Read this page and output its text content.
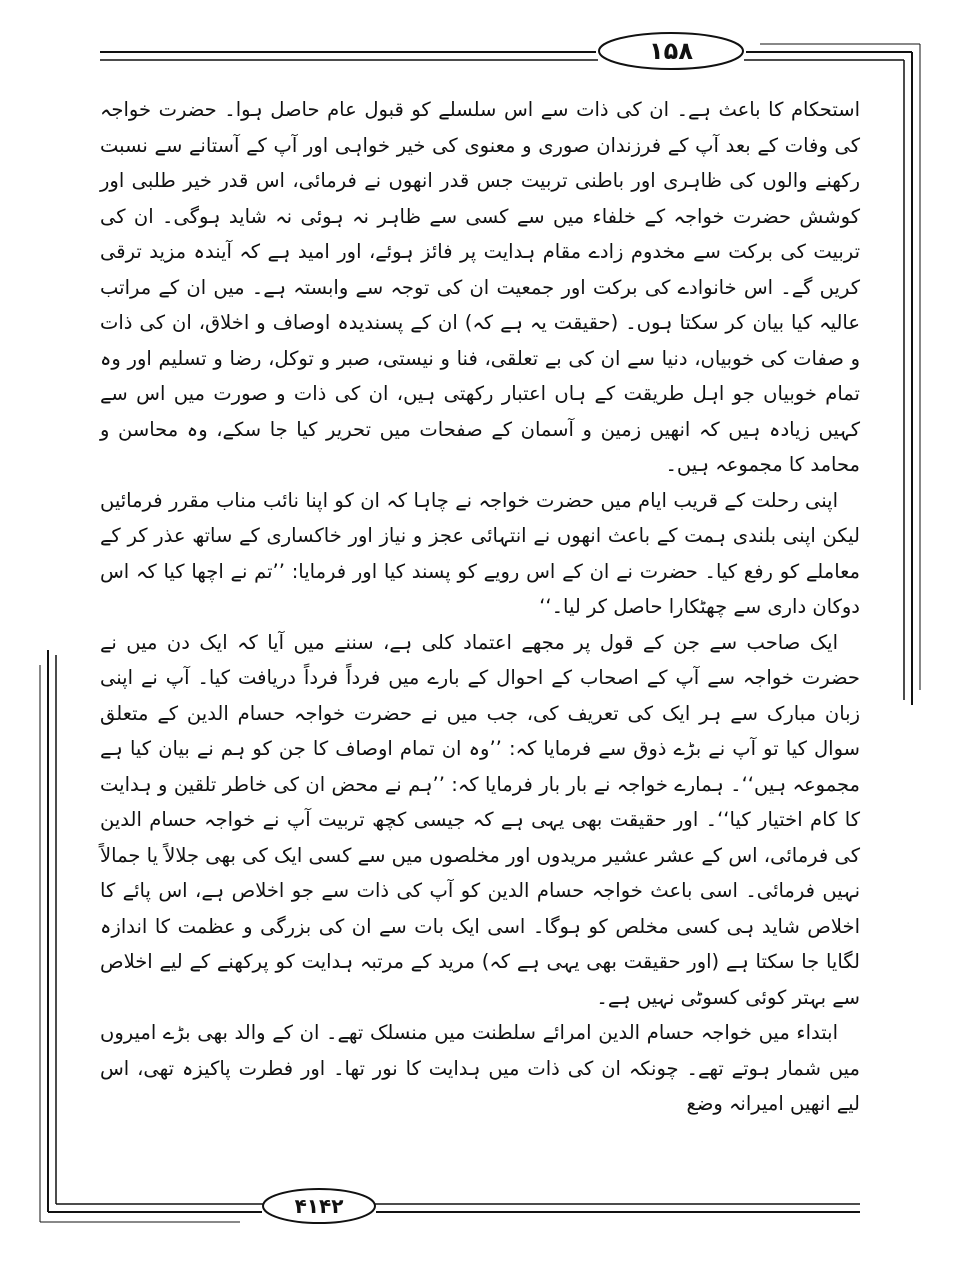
۱۵۸
۴۱۴۲

استحکام کا باعث ہے۔ ان کی ذات سے اس سلسلے کو قبول عام حاصل ہوا۔ حضرت خواجہ کی وفات کے بعد آپ کے فرزندان صوری و معنوی کی خیر خواہی اور آپ کے آستانے سے نسبت رکھنے والوں کی ظاہری اور باطنی تربیت جس قدر انھوں نے فرمائی، اس قدر خیر طلبی اور کوشش حضرت خواجہ کے خلفاء میں سے کسی سے ظاہر نہ ہوئی نہ شاید ہوگی۔ ان کی تربیت کی برکت سے مخدوم زادے مقام ہدایت پر فائز ہوئے، اور امید ہے کہ آیندہ مزید ترقی کریں گے۔ اس خانوادے کی برکت اور جمعیت ان کی توجہ سے وابستہ ہے۔ میں ان کے مراتب عالیہ کیا بیان کر سکتا ہوں۔ (حقیقت یہ ہے کہ) ان کے پسندیدہ اوصاف و اخلاق، ان کی ذات و صفات کی خوبیاں، دنیا سے ان کی بے تعلقی، فنا و نیستی، صبر و توکل، رضا و تسلیم اور وہ تمام خوبیاں جو اہل طریقت کے ہاں اعتبار رکھتی ہیں، ان کی ذات و صورت میں اس سے کہیں زیادہ ہیں کہ انھیں زمین و آسمان کے صفحات میں تحریر کیا جا سکے، وہ محاسن و محامد کا مجموعہ ہیں۔

اپنی رحلت کے قریب ایام میں حضرت خواجہ نے چاہا کہ ان کو اپنا نائب مناب مقرر فرمائیں لیکن اپنی بلندی ہمت کے باعث انھوں نے انتہائی عجز و نیاز اور خاکساری کے ساتھ عذر کر کے معاملے کو رفع کیا۔ حضرت نے ان کے اس رویے کو پسند کیا اور فرمایا: ’’تم نے اچھا کیا کہ اس دوکان داری سے چھٹکارا حاصل کر لیا۔‘‘

ایک صاحب سے جن کے قول پر مجھے اعتماد کلی ہے، سننے میں آیا کہ ایک دن میں نے حضرت خواجہ سے آپ کے اصحاب کے احوال کے بارے میں فرداً فرداً دریافت کیا۔ آپ نے اپنی زبان مبارک سے ہر ایک کی تعریف کی، جب میں نے حضرت خواجہ حسام الدین کے متعلق سوال کیا تو آپ نے بڑے ذوق سے فرمایا کہ: ’’وہ ان تمام اوصاف کا جن کو ہم نے بیان کیا ہے مجموعہ ہیں‘‘۔ ہمارے خواجہ نے بار بار فرمایا کہ: ’’ہم نے محض ان کی خاطر تلقین و ہدایت کا کام اختیار کیا‘‘۔ اور حقیقت بھی یہی ہے کہ جیسی کچھ تربیت آپ نے خواجہ حسام الدین کی فرمائی، اس کے عشر عشیر مریدوں اور مخلصوں میں سے کسی ایک کی بھی جلالاً یا جمالاً نہیں فرمائی۔ اسی باعث خواجہ حسام الدین کو آپ کی ذات سے جو اخلاص ہے، اس پائے کا اخلاص شاید ہی کسی مخلص کو ہوگا۔ اسی ایک بات سے ان کی بزرگی و عظمت کا اندازہ لگایا جا سکتا ہے (اور حقیقت بھی یہی ہے کہ) مرید کے مرتبہ ہدایت کو پرکھنے کے لیے اخلاص سے بہتر کوئی کسوٹی نہیں ہے۔

ابتداء میں خواجہ حسام الدین امرائے سلطنت میں منسلک تھے۔ ان کے والد بھی بڑے امیروں میں شمار ہوتے تھے۔ چونکہ ان کی ذات میں ہدایت کا نور تھا۔ اور فطرت پاکیزہ تھی، اس لیے انھیں امیرانہ وضع
